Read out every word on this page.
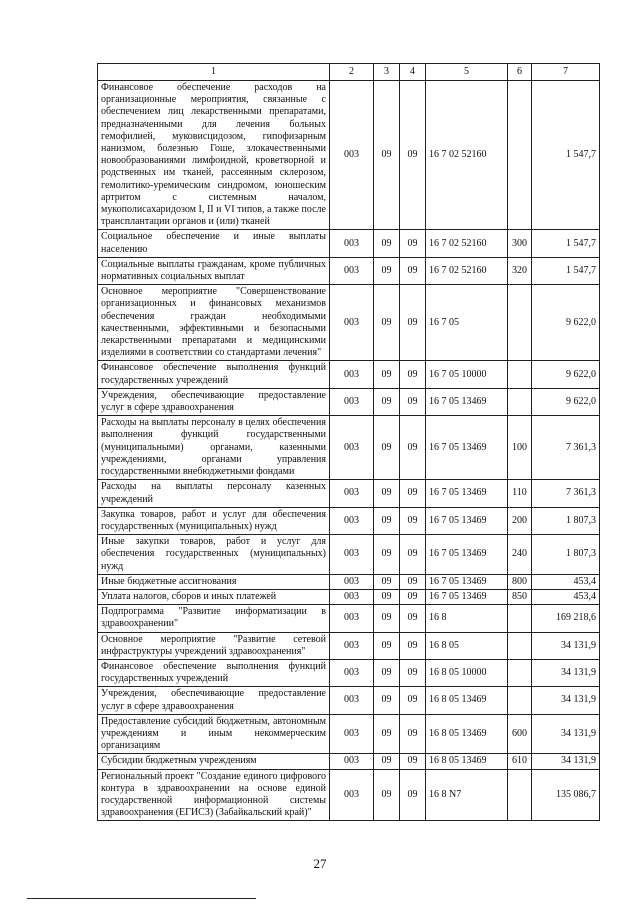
1	2	3	4	5	6	7
Финансовое обеспечение расходов на организационные мероприятия, связанные с обеспечением лиц лекарственными препаратами, предназначенными для лечения больных гемофилией, муковисцидозом, гипофизарным нанизмом, болезнью Гоше, злокачественными новообразованиями лимфоидной, кроветворной и родственных им тканей, рассеянным склерозом, гемолитико-уремическим синдромом, юношеским артритом с системным началом, мукополисахаридозом I, II и VI типов, а также после трансплантации органов и (или) тканей	003	09	09	16 7 02 52160		1 547,7
Социальное обеспечение и иные выплаты населению	003	09	09	16 7 02 52160	300	1 547,7
Социальные выплаты гражданам, кроме публичных нормативных социальных выплат	003	09	09	16 7 02 52160	320	1 547,7
Основное мероприятие "Совершенствование организационных и финансовых механизмов обеспечения граждан необходимыми качественными, эффективными и безопасными лекарственными препаратами и медицинскими изделиями в соответствии со стандартами лечения"	003	09	09	16 7 05		9 622,0
Финансовое обеспечение выполнения функций государственных учреждений	003	09	09	16 7 05 10000		9 622,0
Учреждения, обеспечивающие предоставление услуг в сфере здравоохранения	003	09	09	16 7 05 13469		9 622,0
Расходы на выплаты персоналу в целях обеспечения выполнения функций государственными (муниципальными) органами, казенными учреждениями, органами управления государственными внебюджетными фондами	003	09	09	16 7 05 13469	100	7 361,3
Расходы на выплаты персоналу казенных учреждений	003	09	09	16 7 05 13469	110	7 361,3
Закупка товаров, работ и услуг для обеспечения государственных (муниципальных) нужд	003	09	09	16 7 05 13469	200	1 807,3
Иные закупки товаров, работ и услуг для обеспечения государственных (муниципальных) нужд	003	09	09	16 7 05 13469	240	1 807,3
Иные бюджетные ассигнования	003	09	09	16 7 05 13469	800	453,4
Уплата налогов, сборов и иных платежей	003	09	09	16 7 05 13469	850	453,4
Подпрограмма "Развитие информатизации в здравоохранении"	003	09	09	16 8		169 218,6
Основное мероприятие "Развитие сетевой инфраструктуры учреждений здравоохранения"	003	09	09	16 8 05		34 131,9
Финансовое обеспечение выполнения функций государственных учреждений	003	09	09	16 8 05 10000		34 131,9
Учреждения, обеспечивающие предоставление услуг в сфере здравоохранения	003	09	09	16 8 05 13469		34 131,9
Предоставление субсидий бюджетным, автономным учреждениям и иным некоммерческим организациям	003	09	09	16 8 05 13469	600	34 131,9
Субсидии бюджетным учреждениям	003	09	09	16 8 05 13469	610	34 131,9
Региональный проект "Создание единого цифрового контура в здравоохранении на основе единой государственной информационной системы здравоохранения (ЕГИСЗ) (Забайкальский край)"	003	09	09	16 8 N7		135 086,7
27
